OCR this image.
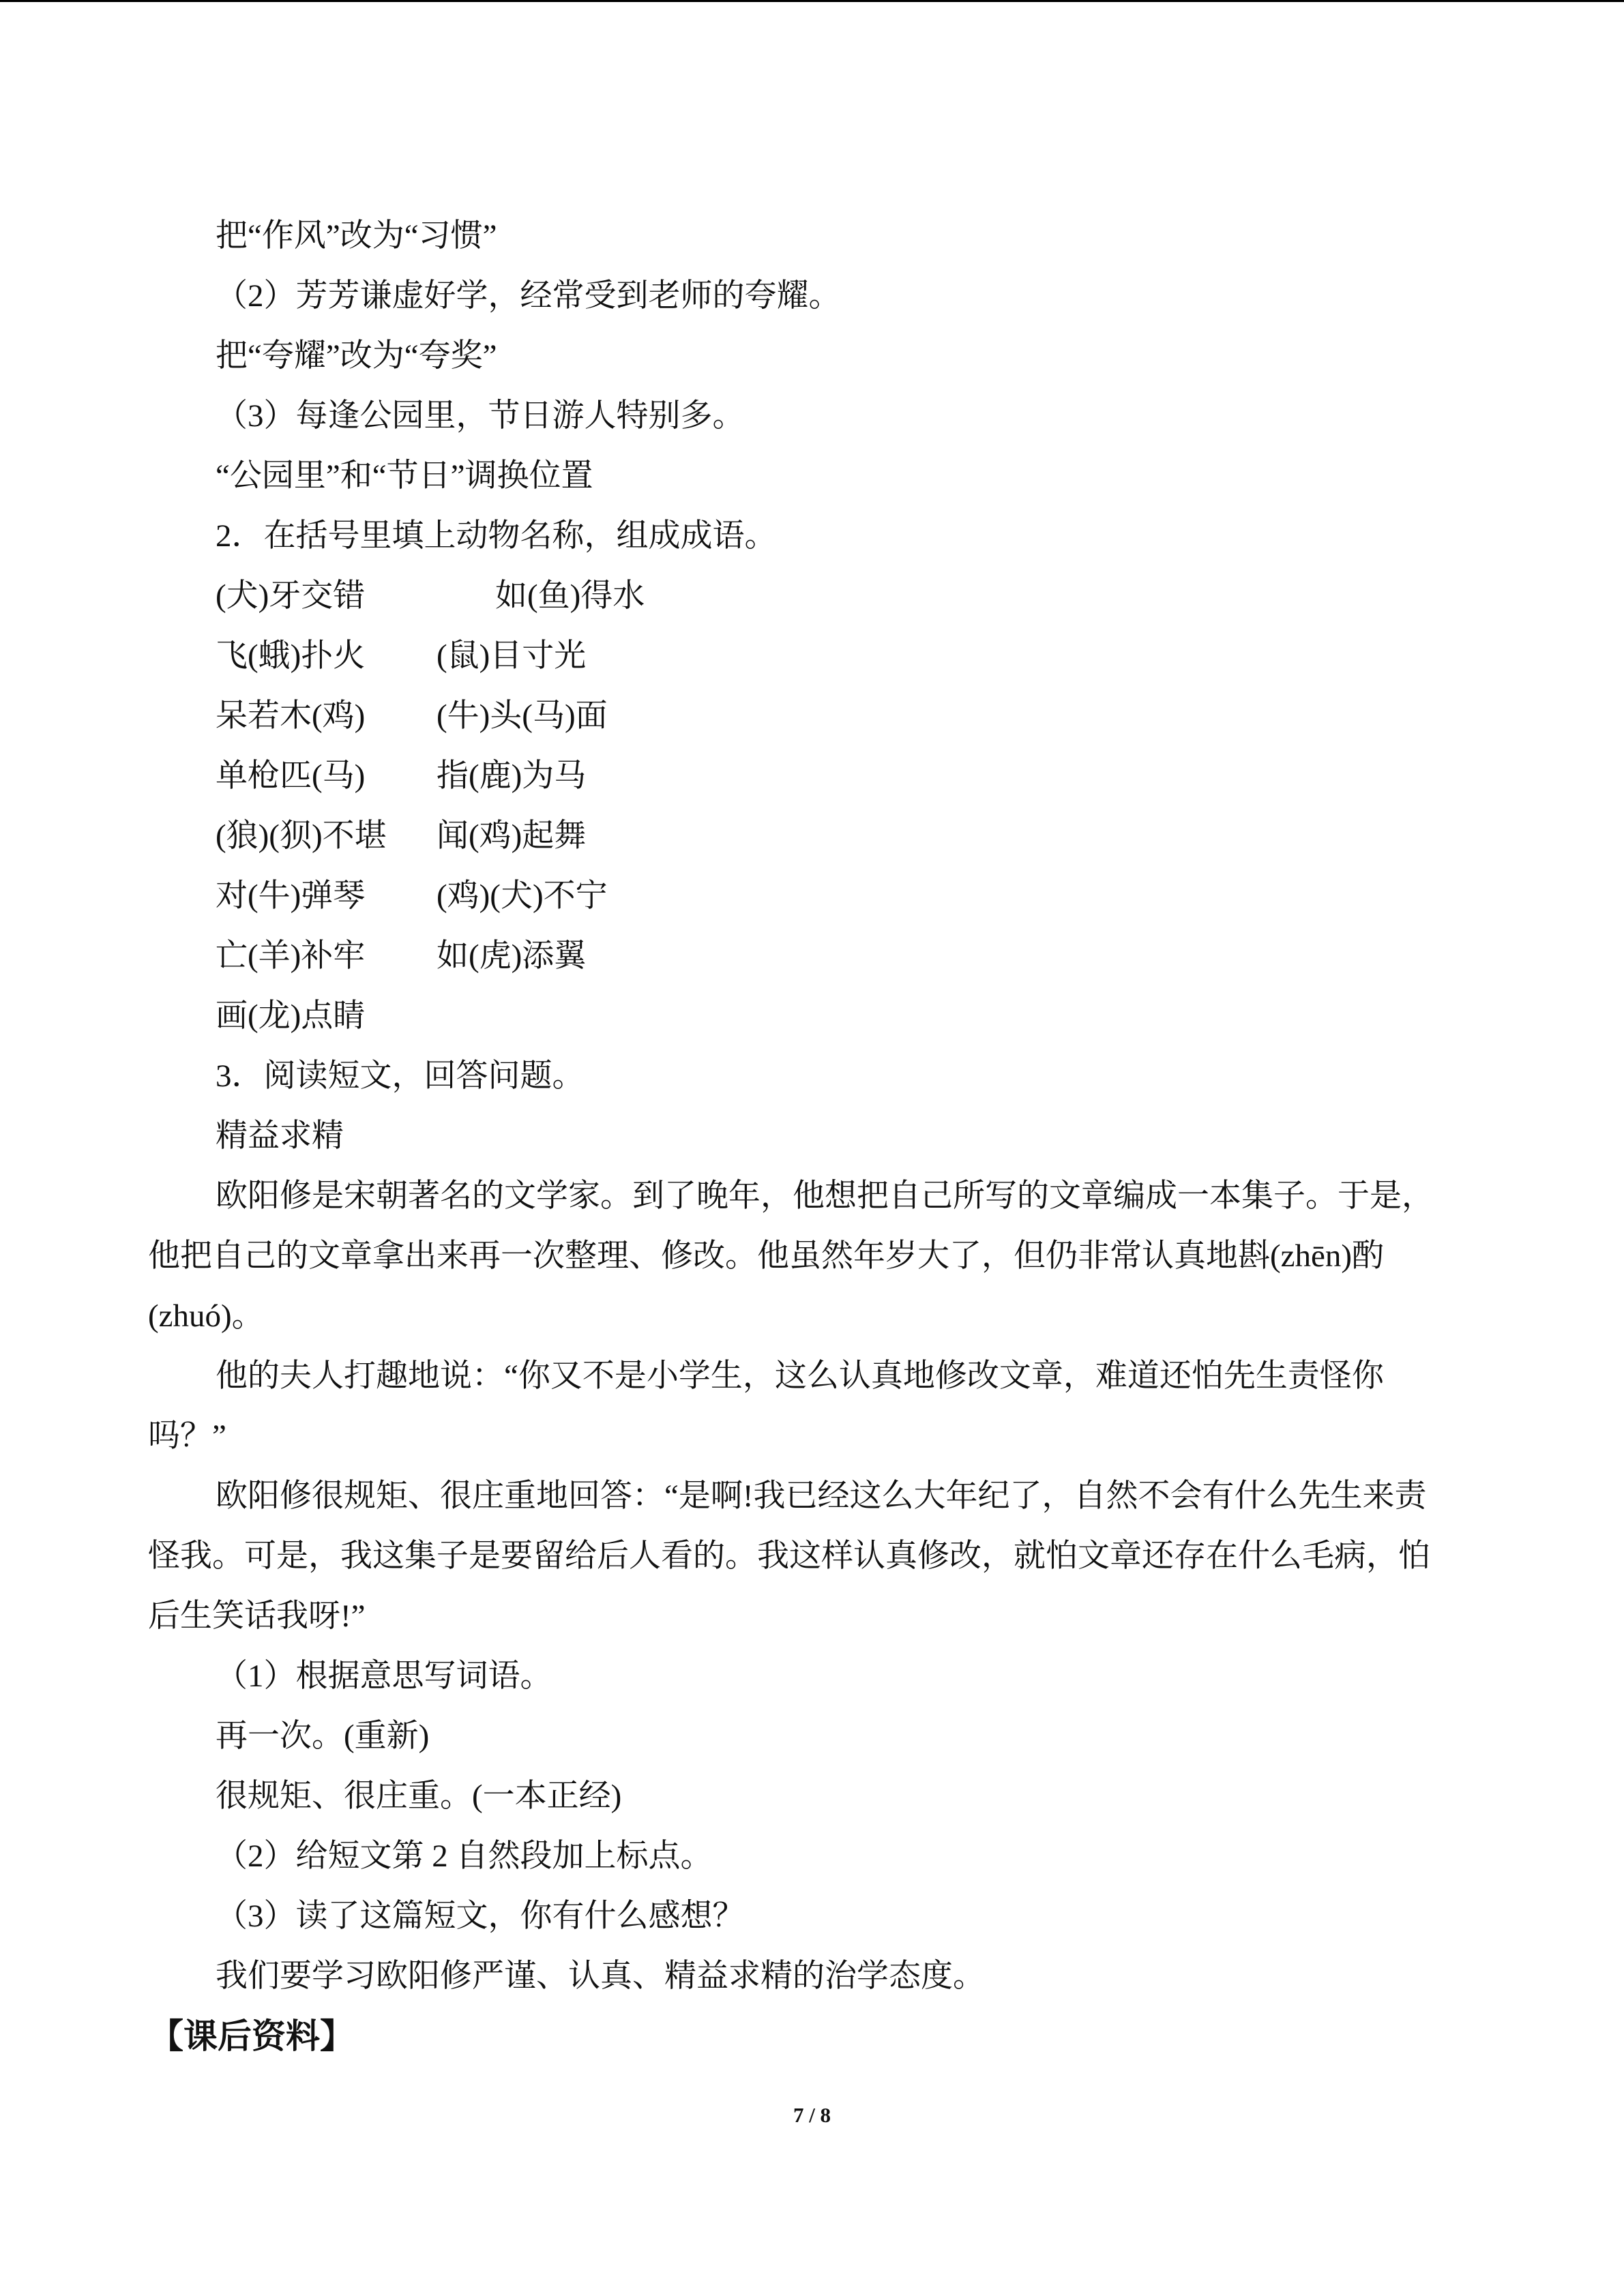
把“作风”改为“习惯”
（2）芳芳谦虚好学，经常受到老师的夸耀。
把“夸耀”改为“夸奖”
（3）每逢公园里，节日游人特别多。
“公园里”和“节日”调换位置
2．在括号里填上动物名称，组成成语。
(犬)牙交错	如(鱼)得水
飞(蛾)扑火 (鼠)目寸光
呆若木(鸡) (牛)头(马)面
单枪匹(马) 指(鹿)为马
(狼)(狈)不堪 闻(鸡)起舞
对(牛)弹琴 (鸡)(犬)不宁
亡(羊)补牢 如(虎)添翼
画(龙)点睛
3．阅读短文，回答问题。
精益求精
欧阳修是宋朝著名的文学家。到了晚年，他想把自己所写的文章编成一本集子。于是，
他把自己的文章拿出来再一次整理、修改。他虽然年岁大了，但仍非常认真地斟(zhēn)酌
(zhuó)。
他的夫人打趣地说：“你又不是小学生，这么认真地修改文章，难道还怕先生责怪你
吗？”
欧阳修很规矩、很庄重地回答：“是啊!我已经这么大年纪了，自然不会有什么先生来责
怪我。可是，我这集子是要留给后人看的。我这样认真修改，就怕文章还存在什么毛病，怕
后生笑话我呀!”
（1）根据意思写词语。
再一次。(重新)
很规矩、很庄重。(一本正经)
（2）给短文第 2 自然段加上标点。
（3）读了这篇短文，你有什么感想？
我们要学习欧阳修严谨、认真、精益求精的治学态度。
【课后资料】
7 / 8
